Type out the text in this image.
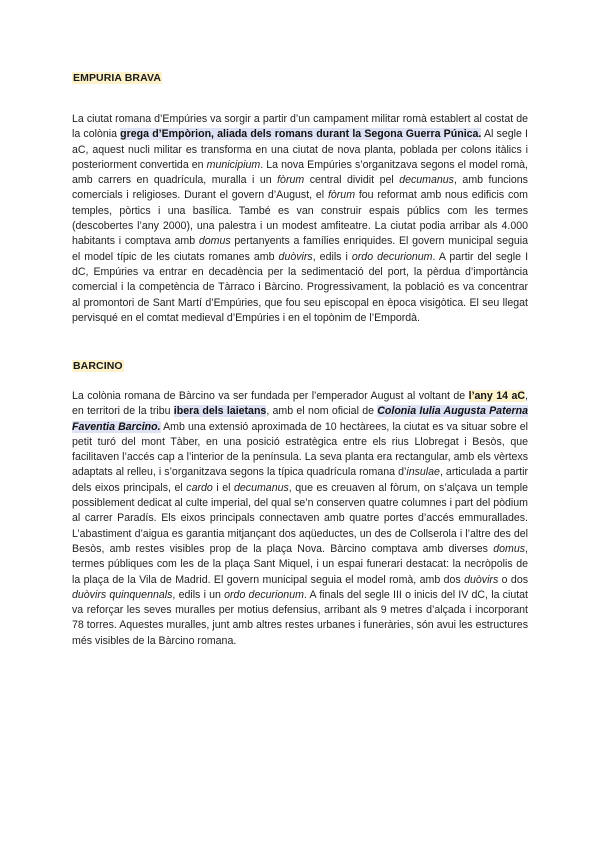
EMPURIA BRAVA

La ciutat romana d’Empúries va sorgir a partir d’un campament militar romà establert al costat de la colònia grega d’Empòrion, aliada dels romans durant la Segona Guerra Púnica. Al segle I aC, aquest nucli militar es transforma en una ciutat de nova planta, poblada per colons itàlics i posteriorment convertida en municipium. La nova Empúries s’organitzava segons el model romà, amb carrers en quadrícula, muralla i un fòrum central dividit pel decumanus, amb funcions comercials i religioses. Durant el govern d’August, el fòrum fou reformat amb nous edificis com temples, pòrtics i una basílica. També es van construir espais públics com les termes (descobertes l’any 2000), una palestra i un modest amfiteatre. La ciutat podia arribar als 4.000 habitants i comptava amb domus pertanyents a famílies enriquides. El govern municipal seguia el model típic de les ciutats romanes amb duòvirs, edils i ordo decurionum. A partir del segle I dC, Empúries va entrar en decadència per la sedimentació del port, la pèrdua d’importància comercial i la competència de Tàrraco i Bàrcino. Progressivament, la població es va concentrar al promontori de Sant Martí d’Empúries, que fou seu episcopal en època visigòtica. El seu llegat pervisqué en el comtat medieval d’Empúries i en el topònim de l’Empordà.

BARCINO

La colònia romana de Bàrcino va ser fundada per l’emperador August al voltant de l’any 14 aC, en territori de la tribu ibera dels laietans, amb el nom oficial de Colonia Iulia Augusta Paterna Faventia Barcino. Amb una extensió aproximada de 10 hectàrees, la ciutat es va situar sobre el petit turó del mont Tàber, en una posició estratègica entre els rius Llobregat i Besòs, que facilitaven l’accés cap a l’interior de la península. La seva planta era rectangular, amb els vèrtexs adaptats al relleu, i s’organitzava segons la típica quadrícula romana d’insulae, articulada a partir dels eixos principals, el cardo i el decumanus, que es creuaven al fòrum, on s’alçava un temple possiblement dedicat al culte imperial, del qual se’n conserven quatre columnes i part del pòdium al carrer Paradís. Els eixos principals connectaven amb quatre portes d’accés emmurallades. L’abastiment d’aigua es garantia mitjançant dos aqüeductes, un des de Collserola i l’altre des del Besòs, amb restes visibles prop de la plaça Nova. Bàrcino comptava amb diverses domus, termes públiques com les de la plaça Sant Miquel, i un espai funerari destacat: la necròpolis de la plaça de la Vila de Madrid. El govern municipal seguia el model romà, amb dos duòvirs o dos duòvirs quinquennals, edils i un ordo decurionum. A finals del segle III o inicis del IV dC, la ciutat va reforçar les seves muralles per motius defensius, arribant als 9 metres d’alçada i incorporant 78 torres. Aquestes muralles, junt amb altres restes urbanes i funeràries, són avui les estructures més visibles de la Bàrcino romana.
